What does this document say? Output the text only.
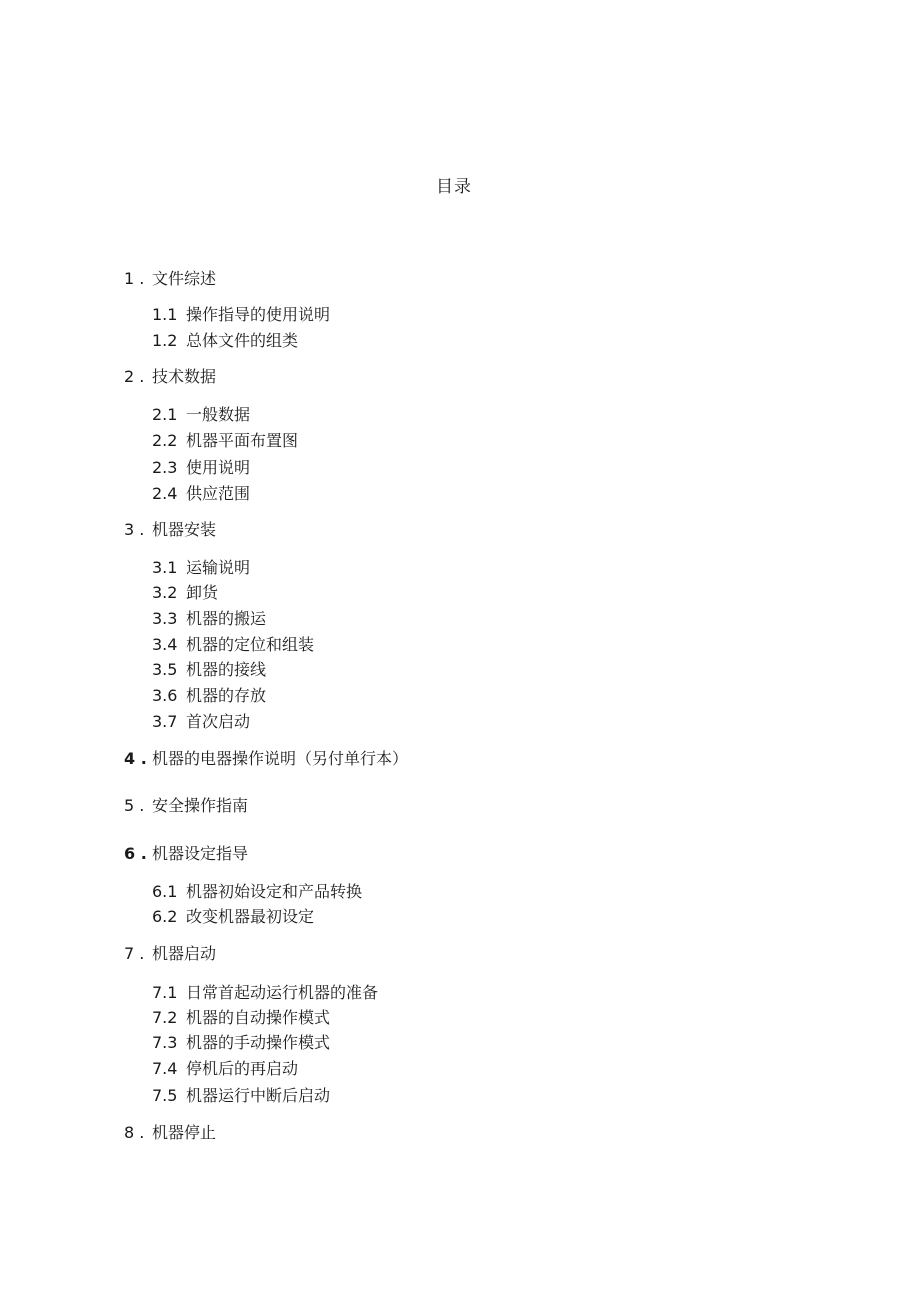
目录
1 . 文件综述
1.1 操作指导的使用说明
1.2 总体文件的组类
2 . 技术数据
2.1 一般数据
2.2 机器平面布置图
2.3 使用说明
2.4 供应范围
3 . 机器安装
3.1 运输说明
3.2 卸货
3.3 机器的搬运
3.4 机器的定位和组装
3.5 机器的接线
3.6 机器的存放
3.7 首次启动
4 . 机器的电器操作说明（另付单行本）
5 . 安全操作指南
6 . 机器设定指导
6.1 机器初始设定和产品转换
6.2 改变机器最初设定
7 . 机器启动
7.1 日常首起动运行机器的准备
7.2 机器的自动操作模式
7.3 机器的手动操作模式
7.4 停机后的再启动
7.5 机器运行中断后启动
8 . 机器停止
